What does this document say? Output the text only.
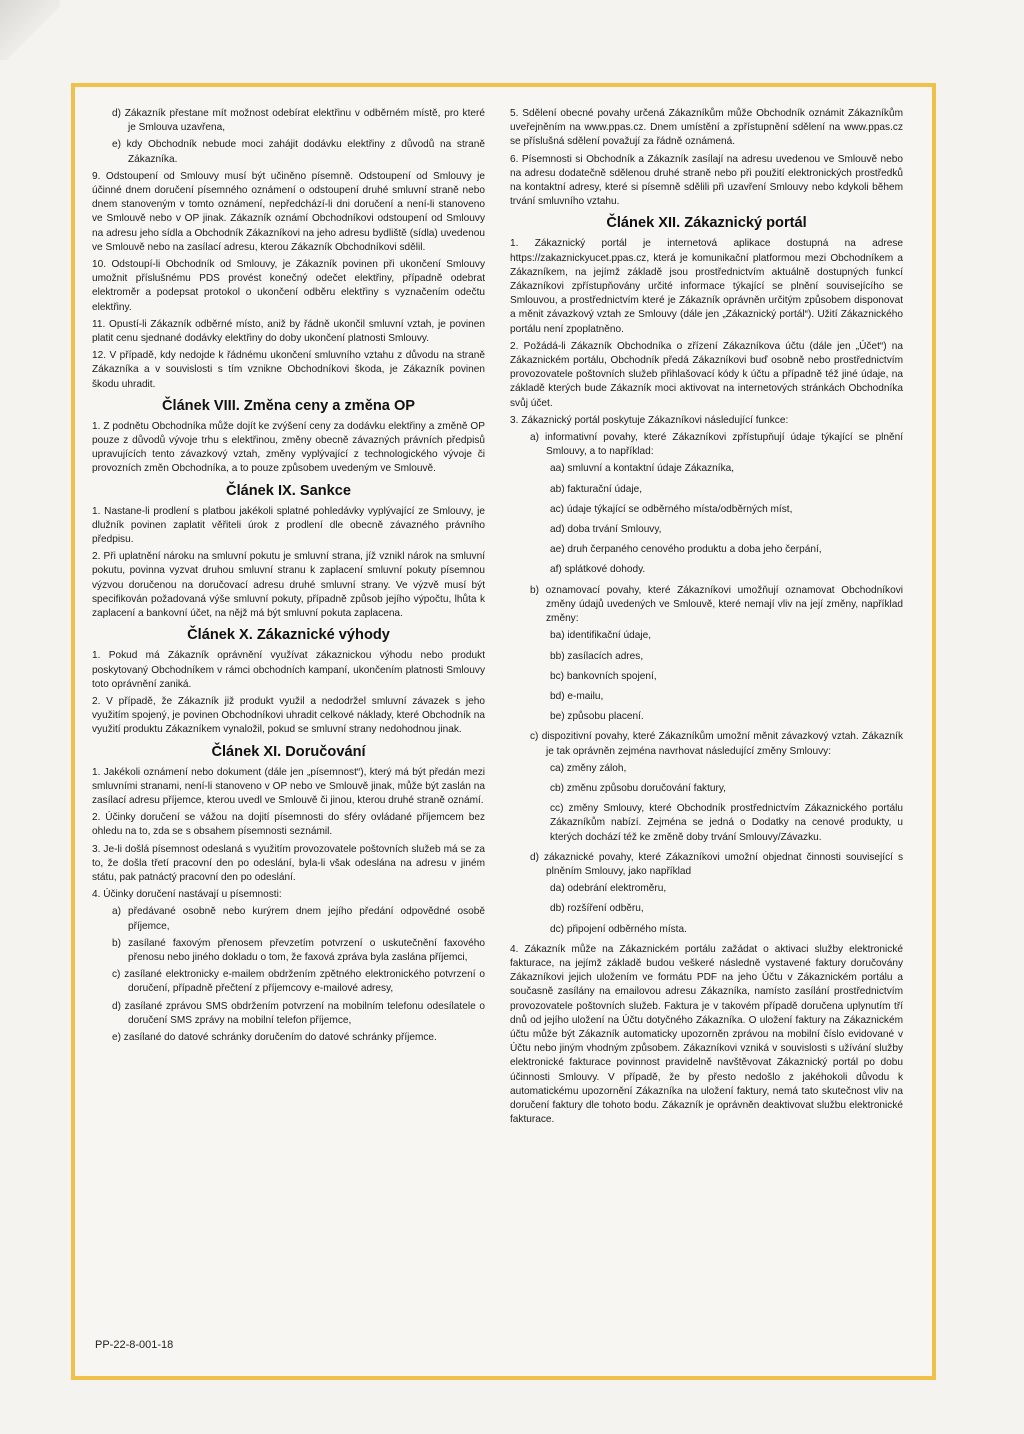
d) Zákazník přestane mít možnost odebírat elektřinu v odběrném místě, pro které je Smlouva uzavřena,

e) kdy Obchodník nebude moci zahájit dodávku elektřiny z důvodů na straně Zákazníka.

9. Odstoupení od Smlouvy musí být učiněno písemně. Odstoupení od Smlouvy je účinné dnem doručení písemného oznámení o odstoupení druhé smluvní straně nebo dnem stanoveným v tomto oznámení, nepředchází-li dni doručení a není-li stanoveno ve Smlouvě nebo v OP jinak. Zákazník oznámí Obchodníkovi odstoupení od Smlouvy na adresu jeho sídla a Obchodník Zákazníkovi na jeho adresu bydliště (sídla) uvedenou ve Smlouvě nebo na zasílací adresu, kterou Zákazník Obchodníkovi sdělil.

10. Odstoupí-li Obchodník od Smlouvy, je Zákazník povinen při ukončení Smlouvy umožnit příslušnému PDS provést konečný odečet elektřiny, případně odebrat elektroměr a podepsat protokol o ukončení odběru elektřiny s vyznačením odečtu elektřiny.

11. Opustí-li Zákazník odběrné místo, aniž by řádně ukončil smluvní vztah, je povinen platit cenu sjednané dodávky elektřiny do doby ukončení platnosti Smlouvy.

12. V případě, kdy nedojde k řádnému ukončení smluvního vztahu z důvodu na straně Zákazníka a v souvislosti s tím vznikne Obchodníkovi škoda, je Zákazník povinen škodu uhradit.

Článek VIII. Změna ceny a změna OP

1. Z podnětu Obchodníka může dojít ke zvýšení ceny za dodávku elektřiny a změně OP pouze z důvodů vývoje trhu s elektřinou, změny obecně závazných právních předpisů upravujících tento závazkový vztah, změny vyplývající z technologického vývoje či provozních změn Obchodníka, a to pouze způsobem uvedeným ve Smlouvě.

Článek IX. Sankce

1. Nastane-li prodlení s platbou jakékoli splatné pohledávky vyplývající ze Smlouvy, je dlužník povinen zaplatit věřiteli úrok z prodlení dle obecně závazného právního předpisu.

2. Při uplatnění nároku na smluvní pokutu je smluvní strana, jíž vznikl nárok na smluvní pokutu, povinna vyzvat druhou smluvní stranu k zaplacení smluvní pokuty písemnou výzvou doručenou na doručovací adresu druhé smluvní strany. Ve výzvě musí být specifikován požadovaná výše smluvní pokuty, případně způsob jejího výpočtu, lhůta k zaplacení a bankovní účet, na nějž má být smluvní pokuta zaplacena.

Článek X. Zákaznické výhody

1. Pokud má Zákazník oprávnění využívat zákaznickou výhodu nebo produkt poskytovaný Obchodníkem v rámci obchodních kampaní, ukončením platnosti Smlouvy toto oprávnění zaniká.

2. V případě, že Zákazník již produkt využil a nedodržel smluvní závazek s jeho využitím spojený, je povinen Obchodníkovi uhradit celkové náklady, které Obchodník na využití produktu Zákazníkem vynaložil, pokud se smluvní strany nedohodnou jinak.

Článek XI. Doručování

1. Jakékoli oznámení nebo dokument (dále jen „písemnost“), který má být předán mezi smluvními stranami, není-li stanoveno v OP nebo ve Smlouvě jinak, může být zaslán na zasílací adresu příjemce, kterou uvedl ve Smlouvě či jinou, kterou druhé straně oznámí.

2. Účinky doručení se vážou na dojití písemnosti do sféry ovládané příjemcem bez ohledu na to, zda se s obsahem písemnosti seznámil.

3. Je-li došlá písemnost odeslaná s využitím provozovatele poštovních služeb má se za to, že došla třetí pracovní den po odeslání, byla-li však odeslána na adresu v jiném státu, pak patnáctý pracovní den po odeslání.

4. Účinky doručení nastávají u písemnosti:

a) předávané osobně nebo kurýrem dnem jejího předání odpovědné osobě příjemce,

b) zasílané faxovým přenosem převzetím potvrzení o uskutečnění faxového přenosu nebo jiného dokladu o tom, že faxová zpráva byla zaslána příjemci,

c) zasílané elektronicky e-mailem obdržením zpětného elektronického potvrzení o doručení, případně přečtení z příjemcovy e-mailové adresy,

d) zasílané zprávou SMS obdržením potvrzení na mobilním telefonu odesílatele o doručení SMS zprávy na mobilní telefon příjemce,

e) zasílané do datové schránky doručením do datové schránky příjemce.

5. Sdělení obecné povahy určená Zákazníkům může Obchodník oznámit Zákazníkům uveřejněním na www.ppas.cz. Dnem umístění a zpřístupnění sdělení na www.ppas.cz se příslušná sdělení považují za řádně oznámená.

6. Písemnosti si Obchodník a Zákazník zasílají na adresu uvedenou ve Smlouvě nebo na adresu dodatečně sdělenou druhé straně nebo při použití elektronických prostředků na kontaktní adresy, které si písemně sdělili při uzavření Smlouvy nebo kdykoli během trvání smluvního vztahu.

Článek XII. Zákaznický portál

1. Zákaznický portál je internetová aplikace dostupná na adrese https://zakaznickyucet.ppas.cz, která je komunikační platformou mezi Obchodníkem a Zákazníkem, na jejímž základě jsou prostřednictvím aktuálně dostupných funkcí Zákazníkovi zpřístupňovány určité informace týkající se plnění souvisejícího se Smlouvou, a prostřednictvím které je Zákazník oprávněn určitým způsobem disponovat a měnit závazkový vztah ze Smlouvy (dále jen „Zákaznický portál“). Užití Zákaznického portálu není zpoplatněno.

2. Požádá-li Zákazník Obchodníka o zřízení Zákazníkova účtu (dále jen „Účet“) na Zákaznickém portálu, Obchodník předá Zákazníkovi buď osobně nebo prostřednictvím provozovatele poštovních služeb přihlašovací kódy k účtu a případně též jiné údaje, na základě kterých bude Zákazník moci aktivovat na internetových stránkách Obchodníka svůj účet.

3. Zákaznický portál poskytuje Zákazníkovi následující funkce:

a) informativní povahy, které Zákazníkovi zpřístupňují údaje týkající se plnění Smlouvy, a to například:

aa) smluvní a kontaktní údaje Zákazníka,

ab) fakturační údaje,

ac) údaje týkající se odběrného místa/odběrných míst,

ad) doba trvání Smlouvy,

ae) druh čerpaného cenového produktu a doba jeho čerpání,

af) splátkové dohody.

b) oznamovací povahy, které Zákazníkovi umožňují oznamovat Obchodníkovi změny údajů uvedených ve Smlouvě, které nemají vliv na její změny, například změny:

ba) identifikační údaje,

bb) zasílacích adres,

bc) bankovních spojení,

bd) e-mailu,

be) způsobu placení.

c) dispozitivní povahy, které Zákazníkům umožní měnit závazkový vztah. Zákazník je tak oprávněn zejména navrhovat následující změny Smlouvy:

ca) změny záloh,

cb) změnu způsobu doručování faktury,

cc) změny Smlouvy, které Obchodník prostřednictvím Zákaznického portálu Zákazníkům nabízí. Zejména se jedná o Dodatky na cenové produkty, u kterých dochází též ke změně doby trvání Smlouvy/Závazku.

d) zákaznické povahy, které Zákazníkovi umožní objednat činnosti související s plněním Smlouvy, jako například

da) odebrání elektroměru,

db) rozšíření odběru,

dc) připojení odběrného místa.

4. Zákazník může na Zákaznickém portálu zažádat o aktivaci služby elektronické fakturace, na jejímž základě budou veškeré následně vystavené faktury doručovány Zákazníkovi jejich uložením ve formátu PDF na jeho Účtu v Zákaznickém portálu a současně zasílány na emailovou adresu Zákazníka, namísto zasílání prostřednictvím provozovatele poštovních služeb. Faktura je v takovém případě doručena uplynutím tří dnů od jejího uložení na Účtu dotyčného Zákazníka. O uložení faktury na Zákaznickém účtu může být Zákazník automaticky upozorněn zprávou na mobilní číslo evidované v Účtu nebo jiným vhodným způsobem. Zákazníkovi vzniká v souvislosti s užívání služby elektronické fakturace povinnost pravidelně navštěvovat Zákaznický portál po dobu účinnosti Smlouvy. V případě, že by přesto nedošlo z jakéhokoli důvodu k automatickému upozornění Zákazníka na uložení faktury, nemá tato skutečnost vliv na doručení faktury dle tohoto bodu. Zákazník je oprávněn deaktivovat službu elektronické fakturace.

PP-22-8-001-18
